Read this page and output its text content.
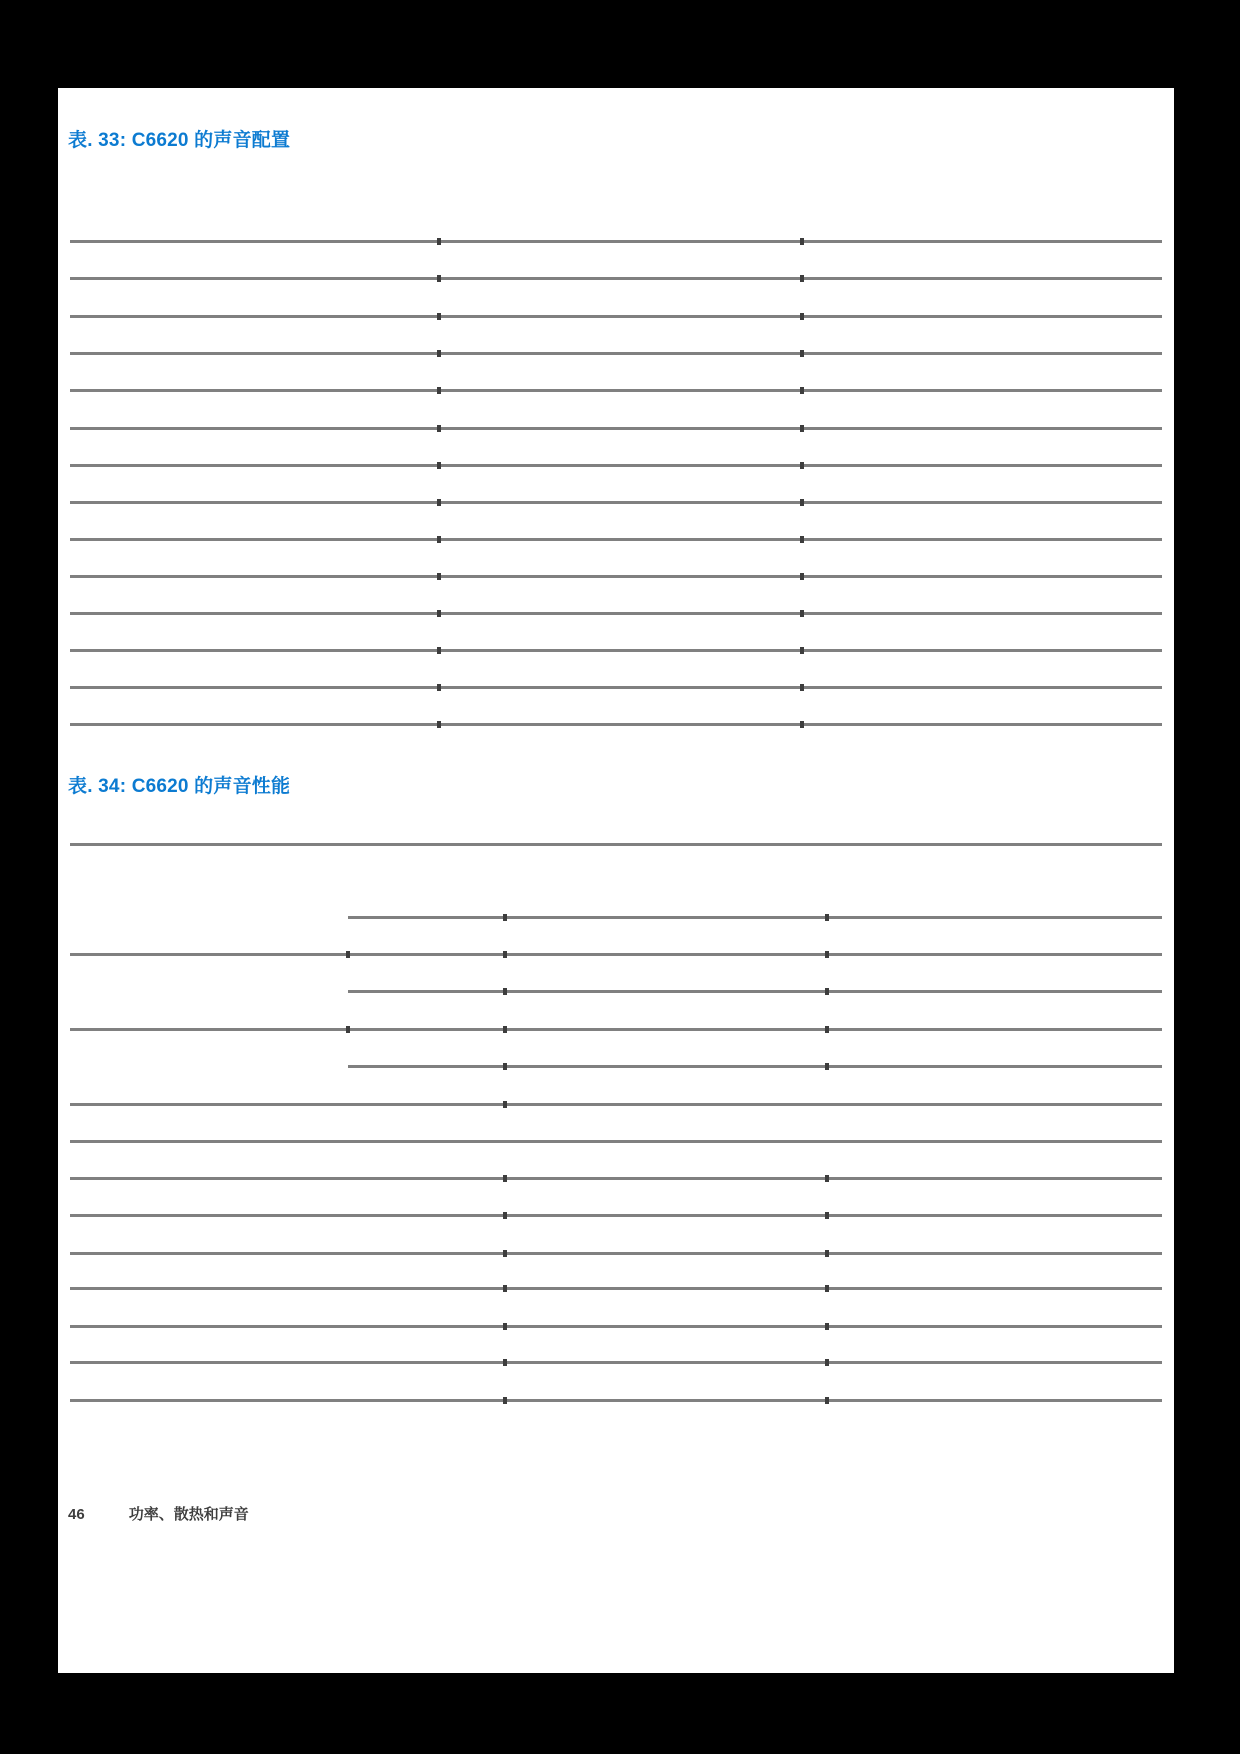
表. 33: C6620 的声音配置
表. 34: C6620 的声音性能
46	功率、散热和声音
